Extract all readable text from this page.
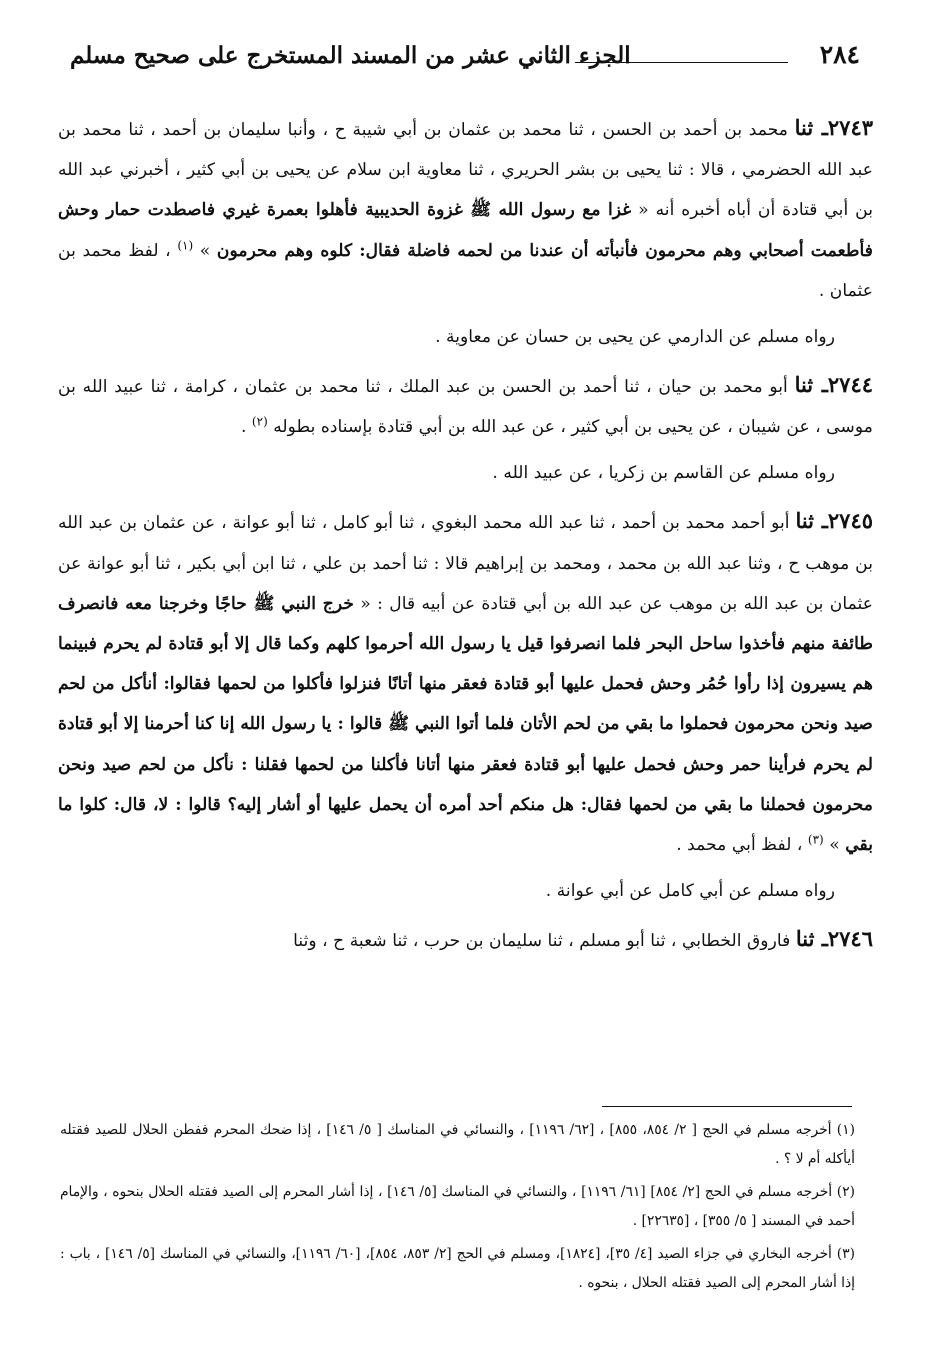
٢٨٤
الجزء الثاني عشر من المسند المستخرج على صحيح مسلم

٢٧٤٣ـ ثنا محمد بن أحمد بن الحسن ، ثنا محمد بن عثمان بن أبي شيبة ح ، وأنبا سليمان بن أحمد ، ثنا محمد بن عبد الله الحضرمي ، قالا : ثنا يحيى بن بشر الحريري ، ثنا معاوية ابن سلام عن يحيى بن أبي كثير ، أخبرني عبد الله بن أبي قتادة أن أباه أخبره أنه « غزا مع رسول الله ﷺ غزوة الحديبية فأهلوا بعمرة غيري فاصطدت حمار وحش فأطعمت أصحابي وهم محرمون فأنبأته أن عندنا من لحمه فاضلة فقال: كلوه وهم محرمون » $^{(١)}$ ، لفظ محمد بن عثمان .

رواه مسلم عن الدارمي عن يحيى بن حسان عن معاوية .

٢٧٤٤ـ ثنا أبو محمد بن حيان ، ثنا أحمد بن الحسن بن عبد الملك ، ثنا محمد بن عثمان ، كرامة ، ثنا عبيد الله بن موسى ، عن شيبان ، عن يحيى بن أبي كثير ، عن عبد الله بن أبي قتادة بإسناده بطوله $^{(٢)}$ .

رواه مسلم عن القاسم بن زكريا ، عن عبيد الله .

٢٧٤٥ـ ثنا أبو أحمد محمد بن أحمد ، ثنا عبد الله محمد البغوي ، ثنا أبو كامل ، ثنا أبو عوانة ، عن عثمان بن عبد الله بن موهب ح ، وثنا عبد الله بن محمد ، ومحمد بن إبراهيم قالا : ثنا أحمد بن علي ، ثنا ابن أبي بكير ، ثنا أبو عوانة عن عثمان بن عبد الله بن موهب عن عبد الله بن أبي قتادة عن أبيه قال : « خرج النبي ﷺ حاجًا وخرجنا معه فانصرف طائفة منهم فأخذوا ساحل البحر فلما انصرفوا قيل يا رسول الله أحرموا كلهم وكما قال إلا أبو قتادة لم يحرم فبينما هم يسيرون إذا رأوا حُمُر وحش فحمل عليها أبو قتادة فعقر منها أتانًا فنزلوا فأكلوا من لحمها فقالوا: أنأكل من لحم صيد ونحن محرمون فحملوا ما بقي من لحم الأتان فلما أتوا النبي ﷺ قالوا : يا رسول الله إنا كنا أحرمنا إلا أبو قتادة لم يحرم فرأينا حمر وحش فحمل عليها أبو قتادة فعقر منها أتانا فأكلنا من لحمها فقلنا : نأكل من لحم صيد ونحن محرمون فحملنا ما بقي من لحمها فقال: هل منكم أحد أمره أن يحمل عليها أو أشار إليه؟ قالوا : لا، قال: كلوا ما بقي » $^{(٣)}$ ، لفظ أبي محمد .

رواه مسلم عن أبي كامل عن أبي عوانة .

٢٧٤٦ـ ثنا فاروق الخطابي ، ثنا أبو مسلم ، ثنا سليمان بن حرب ، ثنا شعبة ح ، وثنا

(١) أخرجه مسلم في الحج [ ٢/ ٨٥٤، ٨٥٥] ، [٦٢/ ١١٩٦] ، والنسائي في المناسك [ ٥/ ١٤٦] ، إذا ضحك المحرم ففطن الحلال للصيد فقتله أيأكله أم لا ؟ .

(٢) أخرجه مسلم في الحج [٢/ ٨٥٤] [٦١/ ١١٩٦] ، والنسائي في المناسك [٥/ ١٤٦] ، إذا أشار المحرم إلى الصيد فقتله الحلال بنحوه ، والإمام أحمد في المسند [ ٥/ ٣٥٥] ، [٢٢٦٣٥] .

(٣) أخرجه البخاري في جزاء الصيد [٤/ ٣٥]، [١٨٢٤]، ومسلم في الحج [٢/ ٨٥٣، ٨٥٤]، [٦٠/ ١١٩٦]، والنسائي في المناسك [٥/ ١٤٦] ، باب : إذا أشار المحرم إلى الصيد فقتله الحلال ، بنحوه .
